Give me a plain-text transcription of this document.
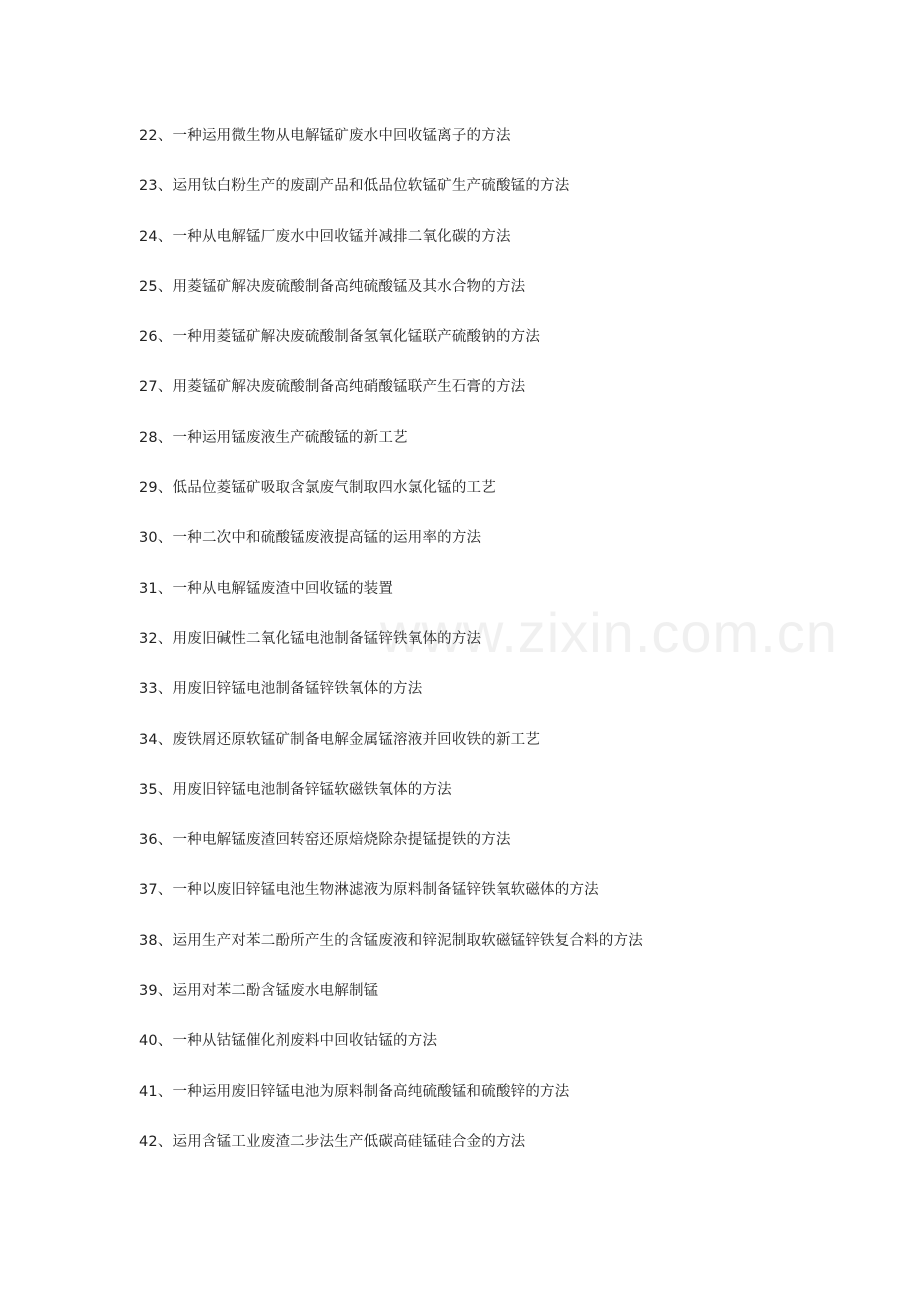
22、一种运用微生物从电解锰矿废水中回收锰离子的方法
23、运用钛白粉生产的废副产品和低品位软锰矿生产硫酸锰的方法
24、一种从电解锰厂废水中回收锰并减排二氧化碳的方法
25、用菱锰矿解决废硫酸制备高纯硫酸锰及其水合物的方法
26、一种用菱锰矿解决废硫酸制备氢氧化锰联产硫酸钠的方法
27、用菱锰矿解决废硫酸制备高纯硝酸锰联产生石膏的方法
28、一种运用锰废液生产硫酸锰的新工艺
29、低品位菱锰矿吸取含氯废气制取四水氯化锰的工艺
30、一种二次中和硫酸锰废液提高锰的运用率的方法
31、一种从电解锰废渣中回收锰的装置
32、用废旧碱性二氧化锰电池制备锰锌铁氧体的方法
33、用废旧锌锰电池制备锰锌铁氧体的方法
34、废铁屑还原软锰矿制备电解金属锰溶液并回收铁的新工艺
35、用废旧锌锰电池制备锌锰软磁铁氧体的方法
36、一种电解锰废渣回转窑还原焙烧除杂提锰提铁的方法
37、一种以废旧锌锰电池生物淋滤液为原料制备锰锌铁氧软磁体的方法
38、运用生产对苯二酚所产生的含锰废液和锌泥制取软磁锰锌铁复合料的方法
39、运用对苯二酚含锰废水电解制锰
40、一种从钴锰催化剂废料中回收钴锰的方法
41、一种运用废旧锌锰电池为原料制备高纯硫酸锰和硫酸锌的方法
42、运用含锰工业废渣二步法生产低碳高硅锰硅合金的方法
www.zixin.com.cn
